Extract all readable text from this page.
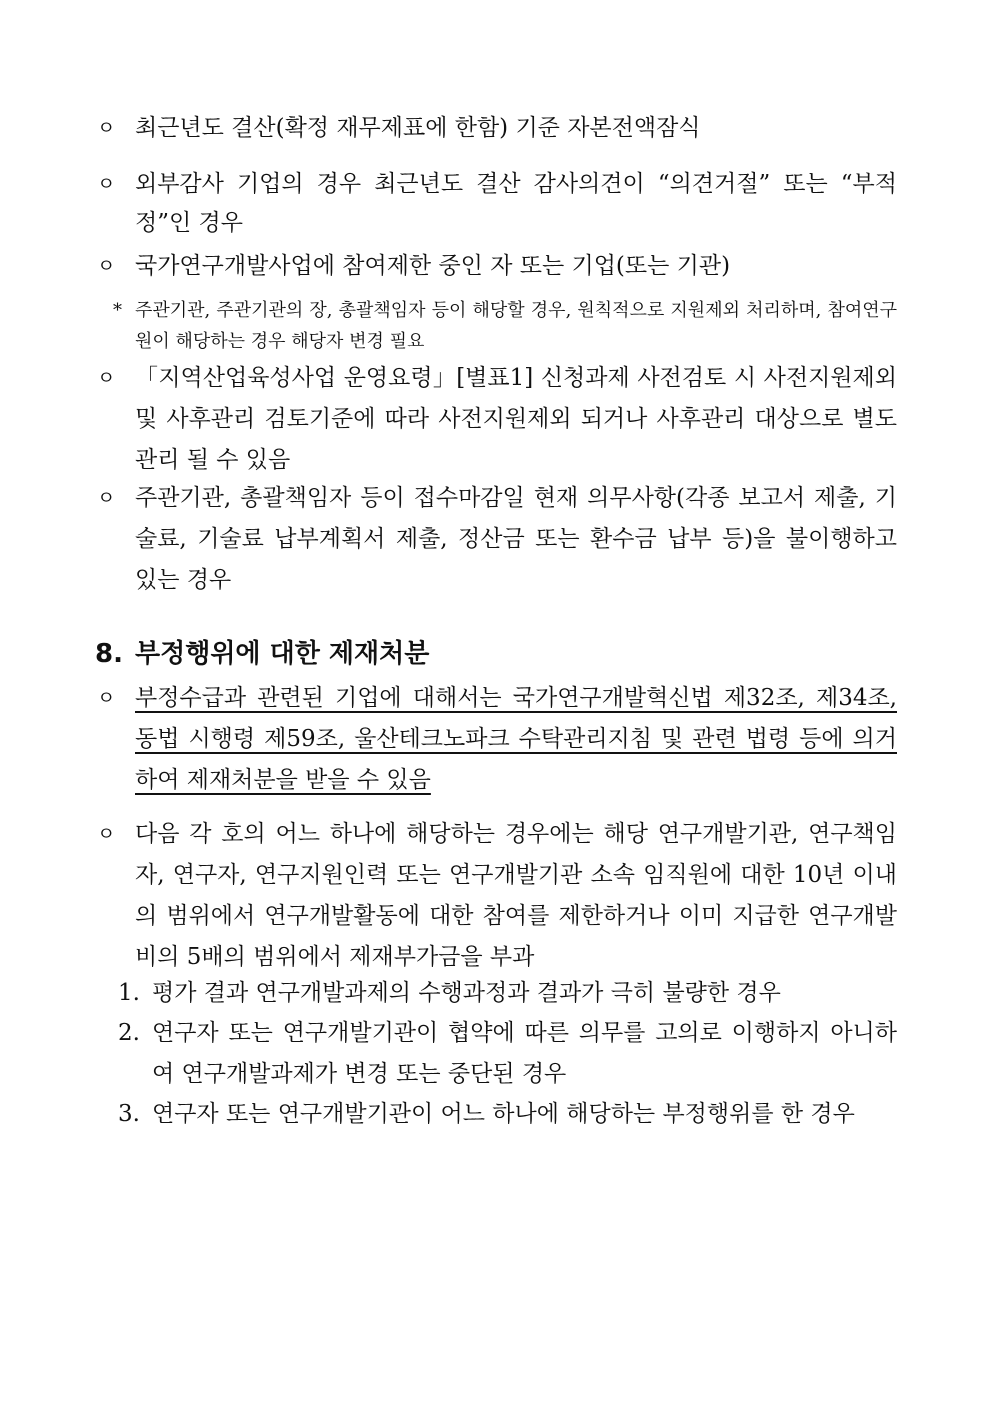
ㅇ 최근년도 결산(확정 재무제표에 한함) 기준 자본전액잠식
ㅇ 외부감사 기업의 경우 최근년도 결산 감사의견이 “의견거절” 또는 “부적정”인 경우
ㅇ 국가연구개발사업에 참여제한 중인 자 또는 기업(또는 기관)
* 주관기관, 주관기관의 장, 총괄책임자 등이 해당할 경우, 원칙적으로 지원제외 처리하며, 참여연구원이 해당하는 경우 해당자 변경 필요
ㅇ 「지역산업육성사업 운영요령」[별표1] 신청과제 사전검토 시 사전지원제외 및 사후관리 검토기준에 따라 사전지원제외 되거나 사후관리 대상으로 별도 관리 될 수 있음
ㅇ 주관기관, 총괄책임자 등이 접수마감일 현재 의무사항(각종 보고서 제출, 기술료, 기술료 납부계획서 제출, 정산금 또는 환수금 납부 등)을 불이행하고 있는 경우
8. 부정행위에 대한 제재처분
ㅇ 부정수급과 관련된 기업에 대해서는 국가연구개발혁신법 제32조, 제34조, 동법 시행령 제59조, 울산테크노파크 수탁관리지침 및 관련 법령 등에 의거하여 제재처분을 받을 수 있음
ㅇ 다음 각 호의 어느 하나에 해당하는 경우에는 해당 연구개발기관, 연구책임자, 연구자, 연구지원인력 또는 연구개발기관 소속 임직원에 대한 10년 이내의 범위에서 연구개발활동에 대한 참여를 제한하거나 이미 지급한 연구개발비의 5배의 범위에서 제재부가금을 부과
1. 평가 결과 연구개발과제의 수행과정과 결과가 극히 불량한 경우
2. 연구자 또는 연구개발기관이 협약에 따른 의무를 고의로 이행하지 아니하여 연구개발과제가 변경 또는 중단된 경우
3. 연구자 또는 연구개발기관이 어느 하나에 해당하는 부정행위를 한 경우
